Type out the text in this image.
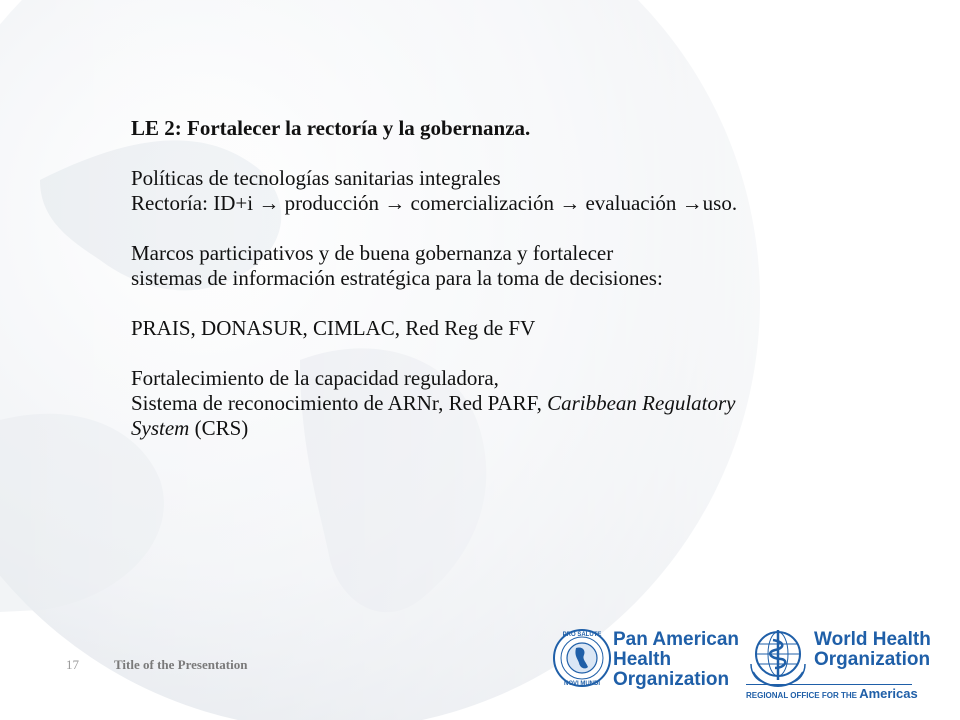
LE 2: Fortalecer la rectoría y la gobernanza.

Políticas de tecnologías sanitarias integrales

Rectoría: ID+i → producción → comercialización → evaluación →uso.

Marcos participativos y de buena gobernanza y fortalecer

sistemas de información estratégica para la toma de decisiones:

PRAIS, DONASUR, CIMLAC, Red Reg de FV

Fortalecimiento de la capacidad reguladora,

Sistema de reconocimiento de ARNr, Red PARF, Caribbean Regulatory

System (CRS)

17	Title of the Presentation
PRO SALUTE
NOVI MUNDI
Pan American
Health
Organization
World Health
Organization
REGIONAL OFFICE FOR THE Americas
